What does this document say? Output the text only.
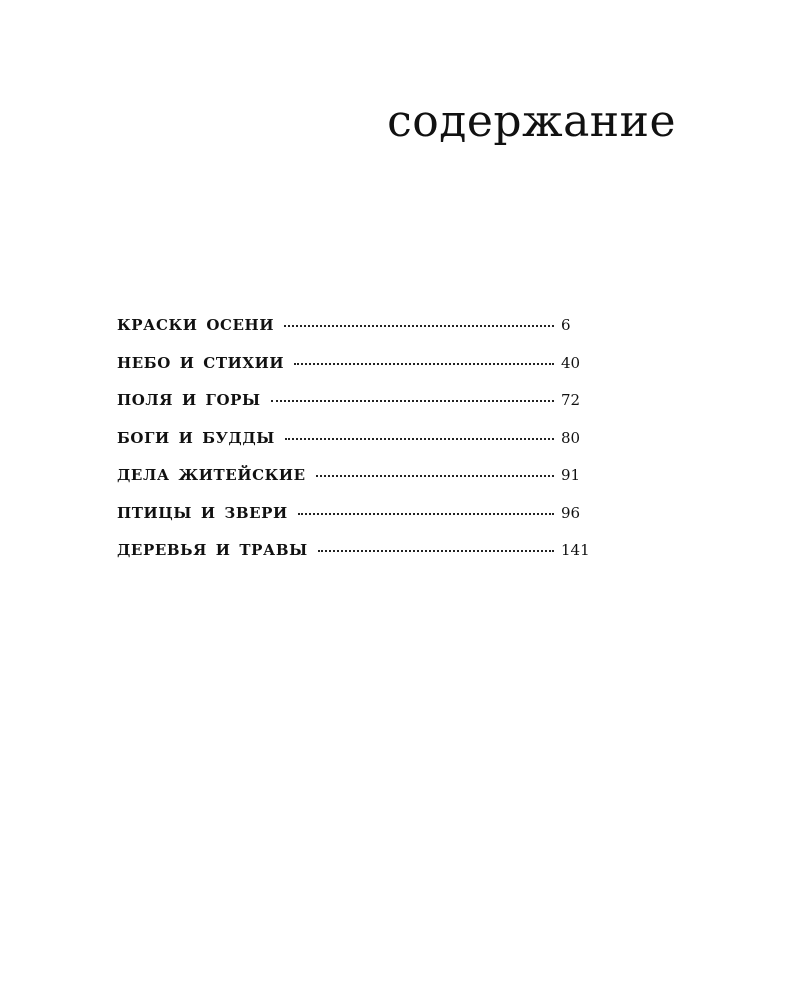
содержание
КРАСКИ ОСЕНИ	6
НЕБО И СТИХИИ	40
ПОЛЯ И ГОРЫ	72
БОГИ И БУДДЫ	80
ДЕЛА ЖИТЕЙСКИЕ	91
ПТИЦЫ И ЗВЕРИ	96
ДЕРЕВЬЯ И ТРАВЫ	141
